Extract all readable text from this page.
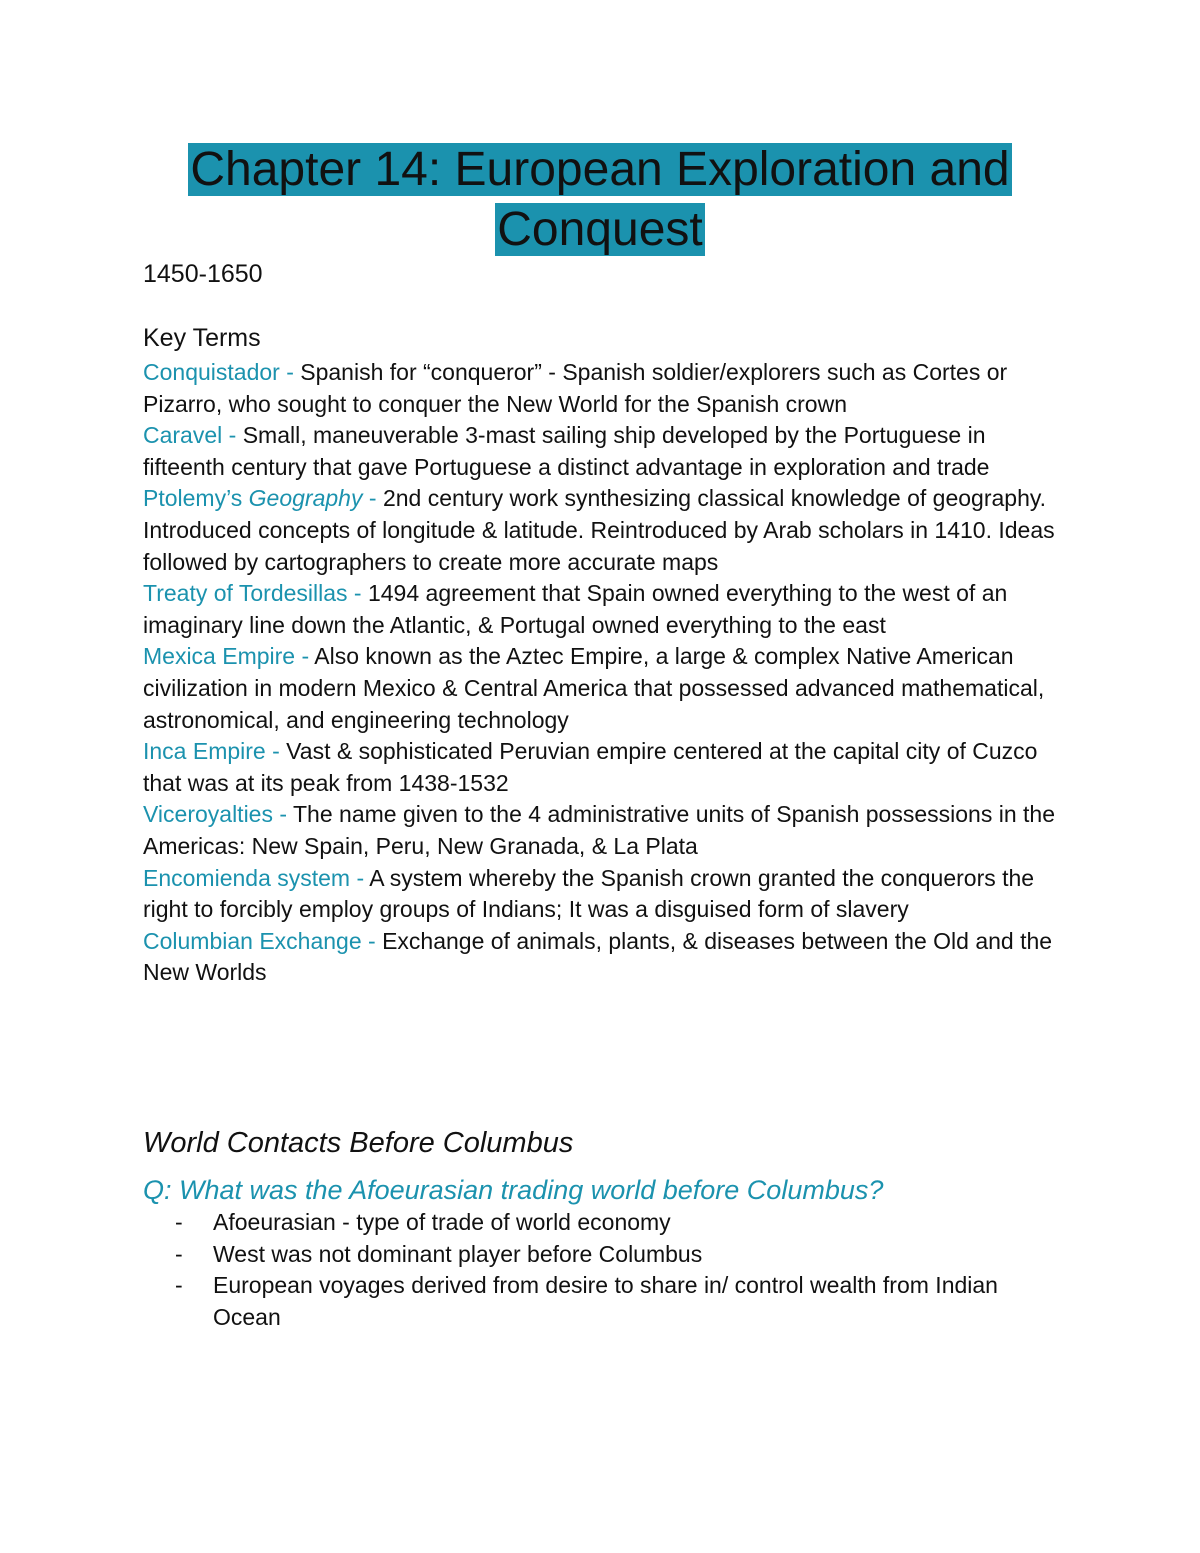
Chapter 14: European Exploration and
Conquest
1450-1650
Key Terms

Conquistador - Spanish for “conqueror” - Spanish soldier/explorers such as Cortes or Pizarro, who sought to conquer the New World for the Spanish crown

Caravel - Small, maneuverable 3-mast sailing ship developed by the Portuguese in fifteenth century that gave Portuguese a distinct advantage in exploration and trade

Ptolemy’s Geography - 2nd century work synthesizing classical knowledge of geography. Introduced concepts of longitude & latitude. Reintroduced by Arab scholars in 1410. Ideas followed by cartographers to create more accurate maps

Treaty of Tordesillas - 1494 agreement that Spain owned everything to the west of an imaginary line down the Atlantic, & Portugal owned everything to the east

Mexica Empire - Also known as the Aztec Empire, a large & complex Native American civilization in modern Mexico & Central America that possessed advanced mathematical, astronomical, and engineering technology

Inca Empire - Vast & sophisticated Peruvian empire centered at the capital city of Cuzco that was at its peak from 1438-1532

Viceroyalties - The name given to the 4 administrative units of Spanish possessions in the Americas: New Spain, Peru, New Granada, & La Plata

Encomienda system - A system whereby the Spanish crown granted the conquerors the right to forcibly employ groups of Indians; It was a disguised form of slavery

Columbian Exchange - Exchange of animals, plants, & diseases between the Old and the New Worlds

World Contacts Before Columbus
Q: What was the Afoeurasian trading world before Columbus?
- Afoeurasian - type of trade of world economy
- West was not dominant player before Columbus
- European voyages derived from desire to share in/ control wealth from Indian Ocean
